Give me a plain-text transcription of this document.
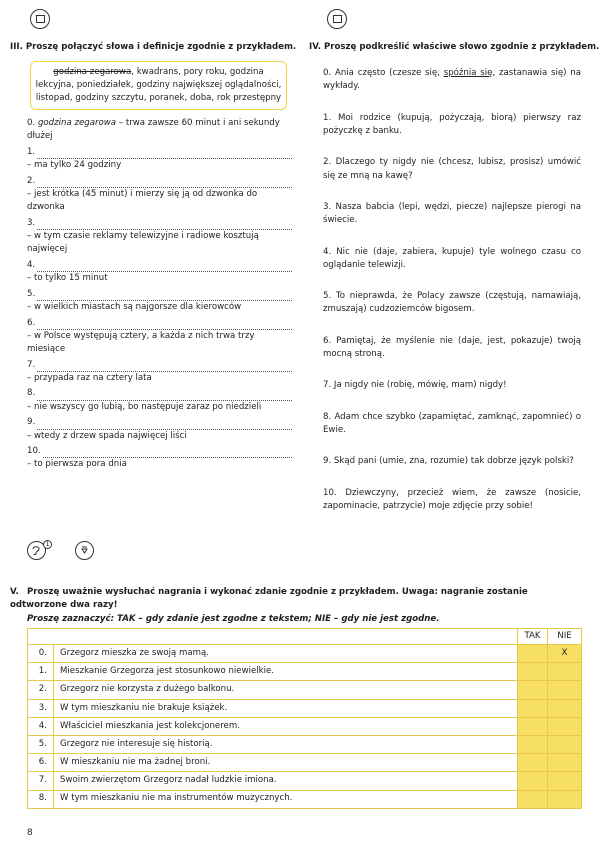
III. Proszę połączyć słowa i definicje zgodnie z przykładem.
godzina zegarowa, kwadrans, pory roku, godzina lekcyjna, poniedziałek, godziny największej oglądalności, listopad, godziny szczytu, poranek, doba, rok przestępny
0. godzina zegarowa – trwa zawsze 60 minut i ani sekundy dłużej
1.
– ma tylko 24 godziny
2.
– jest krótka (45 minut) i mierzy się ją od dzwonka do dzwonka
3.
– w tym czasie reklamy telewizyjne i radiowe kosztują najwięcej
4.
– to tylko 15 minut
5.
– w wielkich miastach są najgorsze dla kierowców
6.
– w Polsce występują cztery, a każda z nich trwa trzy miesiące
7.
– przypada raz na cztery lata
8.
– nie wszyscy go lubią, bo następuje zaraz po niedzieli
9.
– wtedy z drzew spada najwięcej liści
10.
– to pierwsza pora dnia
IV. Proszę podkreślić właściwe słowo zgodnie z przykładem.

0. Ania często (czesze się, spóźnia się, zastanawia się) na wykłady.

1. Moi rodzice (kupują, pożyczają, biorą) pierwszy raz pożyczkę z banku.

2. Dlaczego ty nigdy nie (chcesz, lubisz, prosisz) umówić się ze mną na kawę?

3. Nasza babcia (lepi, wędzi, piecze) najlepsze pierogi na świecie.

4. Nic nie (daje, zabiera, kupuje) tyle wolnego czasu co oglądanie telewizji.

5. To nieprawda, że Polacy zawsze (częstują, namawiają, zmuszają) cudzoziemców bigosem.

6. Pamiętaj, że myślenie nie (daje, jest, pokazuje) twoją mocną stroną.

7. Ja nigdy nie (robię, mówię, mam) nigdy!

8. Adam chce szybko (zapamiętać, zamknąć, zapomnieć) o Ewie.

9. Skąd pani (umie, zna, rozumie) tak dobrze język polski?

10. Dziewczyny, przecież wiem, że zawsze (nosicie, zapominacie, patrzycie) moje zdjęcie przy sobie!

1
V. Proszę uważnie wysłuchać nagrania i wykonać zdanie zgodnie z przykładem. Uwaga: nagranie zostanie odtworzone dwa razy!
Proszę zaznaczyć: TAK – gdy zdanie jest zgodne z tekstem; NIE – gdy nie jest zgodne.
		TAK	NIE
0.	Grzegorz mieszka ze swoją mamą.		X
1.	Mieszkanie Grzegorza jest stosunkowo niewielkie.		
2.	Grzegorz nie korzysta z dużego balkonu.		
3.	W tym mieszkaniu nie brakuje książek.		
4.	Właściciel mieszkania jest kolekcjonerem.		
5.	Grzegorz nie interesuje się historią.		
6.	W mieszkaniu nie ma żadnej broni.		
7.	Swoim zwierzętom Grzegorz nadał ludzkie imiona.		
8.	W tym mieszkaniu nie ma instrumentów muzycznych.		
8
